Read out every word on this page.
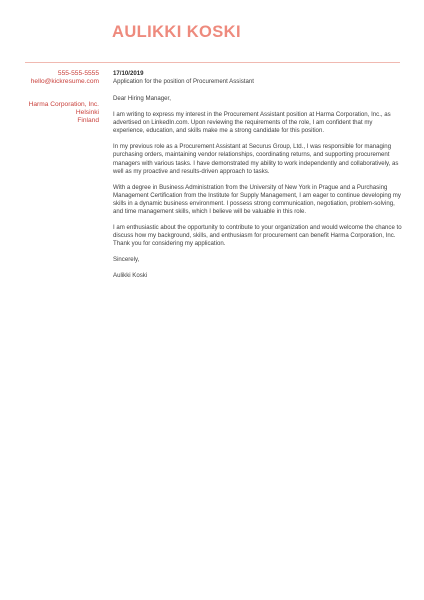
AULIKKI KOSKI
555-555-5555
hello@kickresume.com
Harma Corporation, Inc.
Helsinki
Finland
17/10/2019

Application for the position of Procurement Assistant

Dear Hiring Manager,

I am writing to express my interest in the Procurement Assistant position at Harma Corporation, Inc., as advertised on LinkedIn.com. Upon reviewing the requirements of the role, I am confident that my experience, education, and skills make me a strong candidate for this position.

In my previous role as a Procurement Assistant at Securus Group, Ltd., I was responsible for managing purchasing orders, maintaining vendor relationships, coordinating returns, and supporting procurement managers with various tasks. I have demonstrated my ability to work independently and collaboratively, as well as my proactive and results-driven approach to tasks.

With a degree in Business Administration from the University of New York in Prague and a Purchasing Management Certification from the Institute for Supply Management, I am eager to continue developing my skills in a dynamic business environment. I possess strong communication, negotiation, problem-solving, and time management skills, which I believe will be valuable in this role.

I am enthusiastic about the opportunity to contribute to your organization and would welcome the chance to discuss how my background, skills, and enthusiasm for procurement can benefit Harma Corporation, Inc. Thank you for considering my application.

Sincerely,

Aulikki Koski
